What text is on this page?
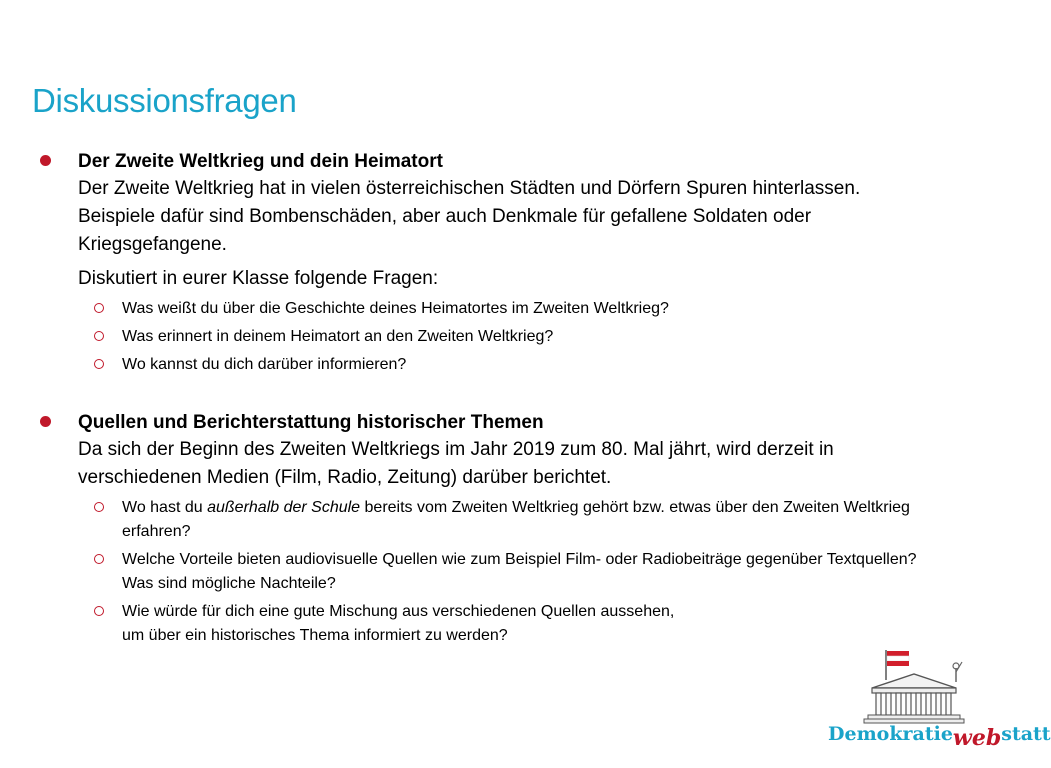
Diskussionsfragen
Der Zweite Weltkrieg und dein Heimatort
Der Zweite Weltkrieg hat in vielen österreichischen Städten und Dörfern Spuren hinterlassen. Beispiele dafür sind Bombenschäden, aber auch Denkmale für gefallene Soldaten oder Kriegsgefangene.
Diskutiert in eurer Klasse folgende Fragen:
Was weißt du über die Geschichte deines Heimatortes im Zweiten Weltkrieg?
Was erinnert in deinem Heimatort an den Zweiten Weltkrieg?
Wo kannst du dich darüber informieren?
Quellen und Berichterstattung historischer Themen
Da sich der Beginn des Zweiten Weltkriegs im Jahr 2019 zum 80. Mal jährt, wird derzeit in verschiedenen Medien (Film, Radio, Zeitung) darüber berichtet.
Wo hast du außerhalb der Schule bereits vom Zweiten Weltkrieg gehört bzw. etwas über den Zweiten Weltkrieg erfahren?
Welche Vorteile bieten audiovisuelle Quellen wie zum Beispiel Film- oder Radiobeiträge gegenüber Textquellen? Was sind mögliche Nachteile?
Wie würde für dich eine gute Mischung aus verschiedenen Quellen aussehen,
um über ein historisches Thema informiert zu werden?
Demokratiewebstatt
